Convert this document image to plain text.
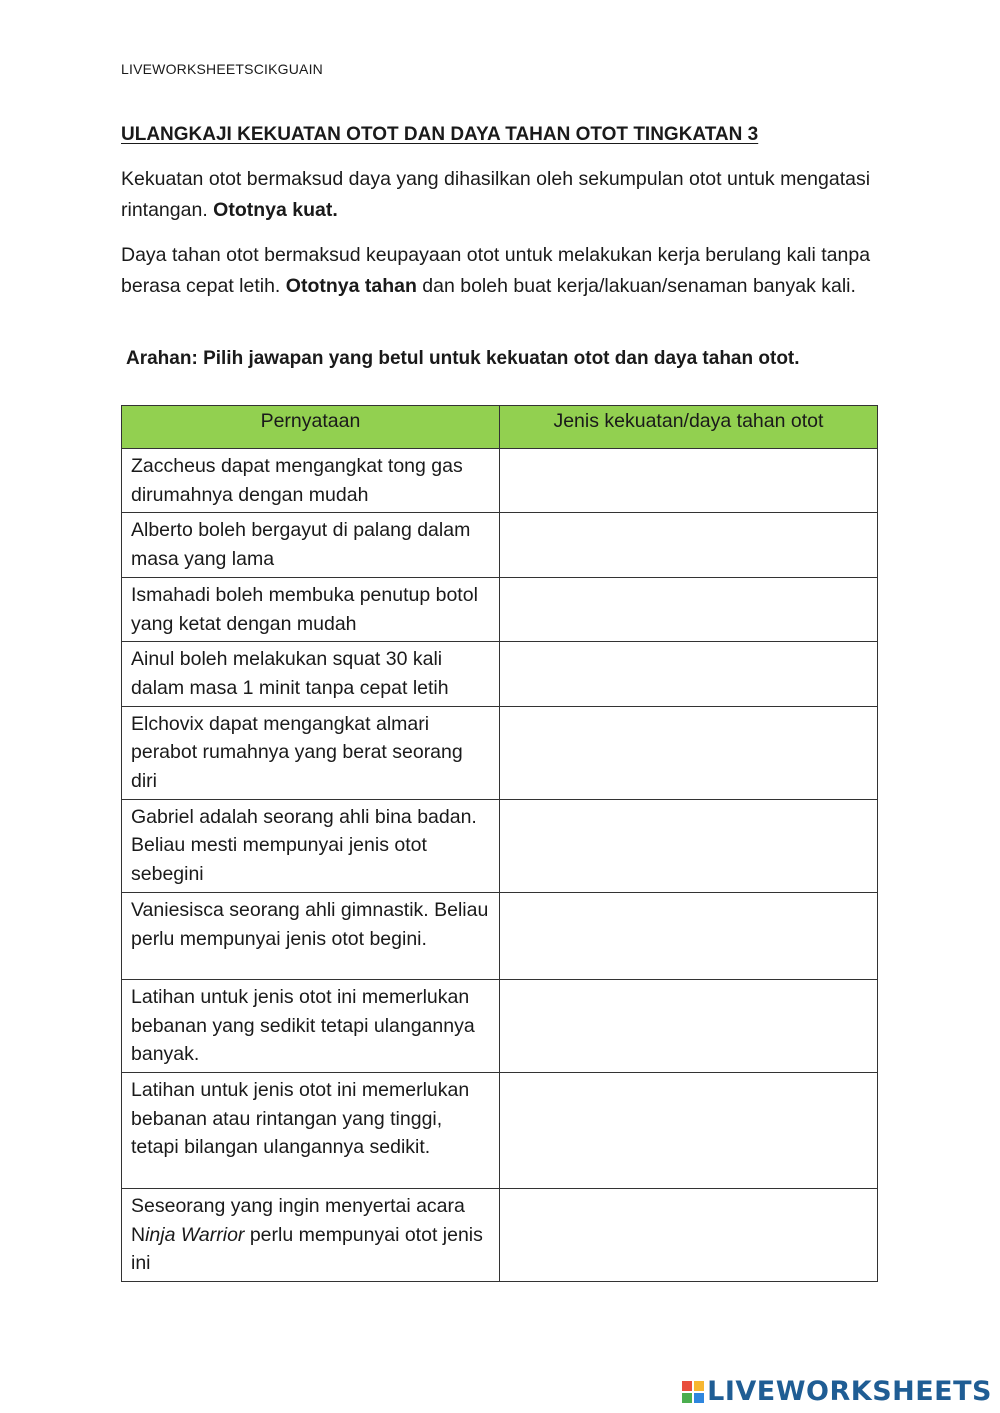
LIVEWORKSHEETSCIKGUAIN
ULANGKAJI KEKUATAN OTOT DAN DAYA TAHAN OTOT TINGKATAN 3
Kekuatan otot bermaksud daya yang dihasilkan oleh sekumpulan otot untuk mengatasi rintangan. Ototnya kuat.
Daya tahan otot bermaksud keupayaan otot untuk melakukan kerja berulang kali tanpa berasa cepat letih. Ototnya tahan dan boleh buat kerja/lakuan/senaman banyak kali.
Arahan: Pilih jawapan yang betul untuk kekuatan otot dan daya tahan otot.
Pernyataan	Jenis kekuatan/daya tahan otot
Zaccheus dapat mengangkat tong gas dirumahnya dengan mudah	
Alberto boleh bergayut di palang dalam masa yang lama	
Ismahadi boleh membuka penutup botol yang ketat dengan mudah	
Ainul boleh melakukan squat 30 kali dalam masa 1 minit tanpa cepat letih	
Elchovix dapat mengangkat almari perabot rumahnya yang berat seorang diri	
Gabriel adalah seorang ahli bina badan. Beliau mesti mempunyai jenis otot sebegini	
Vaniesisca seorang ahli gimnastik. Beliau perlu mempunyai jenis otot begini.	
Latihan untuk jenis otot ini memerlukan bebanan yang sedikit tetapi ulangannya banyak.	
Latihan untuk jenis otot ini memerlukan bebanan atau rintangan yang tinggi, tetapi bilangan ulangannya sedikit.	
Seseorang yang ingin menyertai acara Ninja Warrior perlu mempunyai otot jenis ini	
LIVEWORKSHEETS
